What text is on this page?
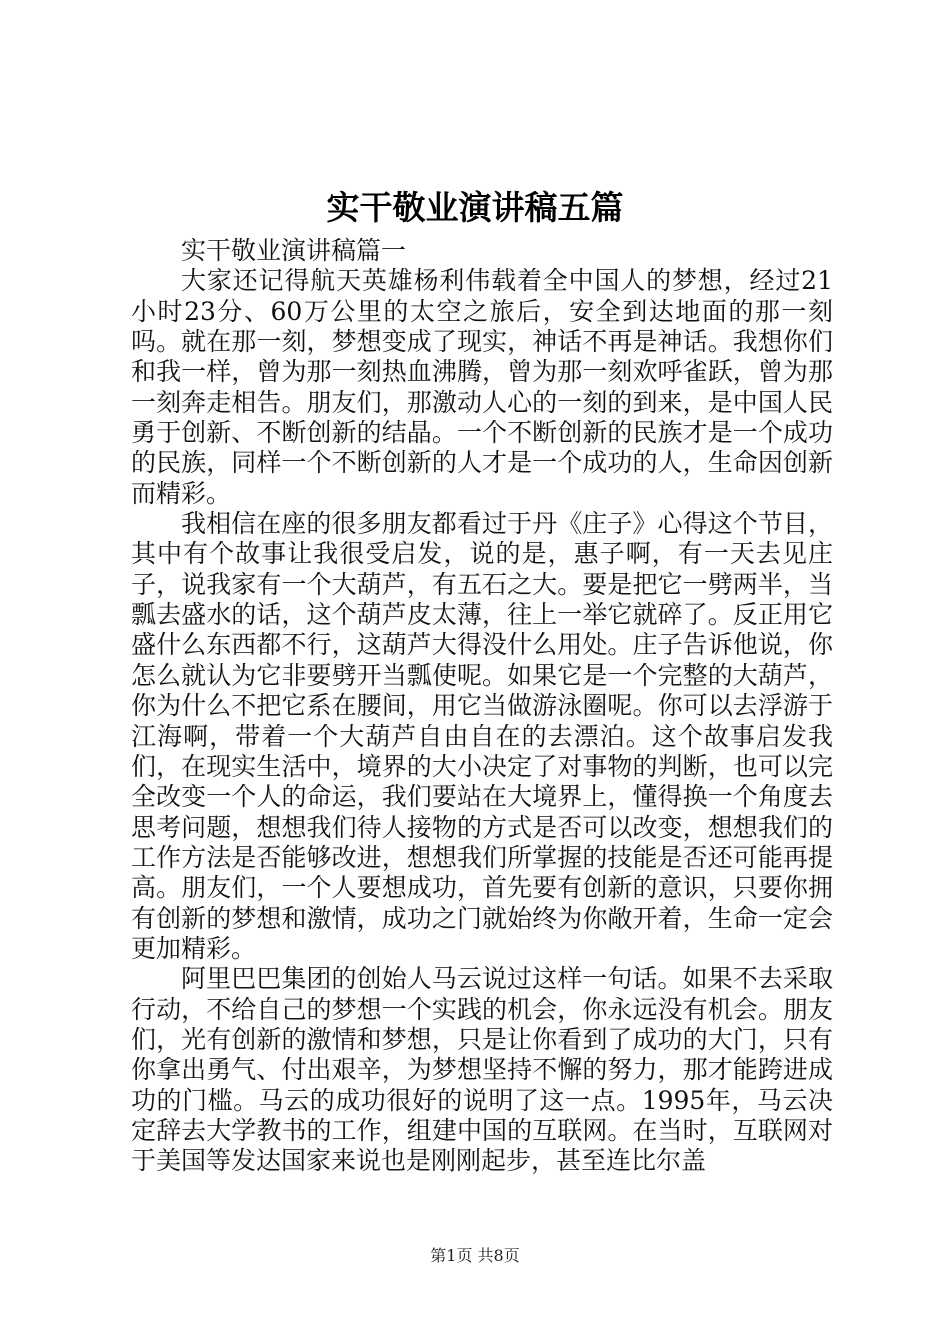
实干敬业演讲稿五篇

实干敬业演讲稿篇一

大家还记得航天英雄杨利伟载着全中国人的梦想，经过21小时23分、60万公里的太空之旅后，安全到达地面的那一刻吗。就在那一刻，梦想变成了现实，神话不再是神话。我想你们和我一样，曾为那一刻热血沸腾，曾为那一刻欢呼雀跃，曾为那一刻奔走相告。朋友们，那激动人心的一刻的到来，是中国人民勇于创新、不断创新的结晶。一个不断创新的民族才是一个成功的民族，同样一个不断创新的人才是一个成功的人，生命因创新而精彩。

我相信在座的很多朋友都看过于丹《庄子》心得这个节目，其中有个故事让我很受启发，说的是，惠子啊，有一天去见庄子，说我家有一个大葫芦，有五石之大。要是把它一劈两半，当瓢去盛水的话，这个葫芦皮太薄，往上一举它就碎了。反正用它盛什么东西都不行，这葫芦大得没什么用处。庄子告诉他说，你怎么就认为它非要劈开当瓢使呢。如果它是一个完整的大葫芦，你为什么不把它系在腰间，用它当做游泳圈呢。你可以去浮游于江海啊，带着一个大葫芦自由自在的去漂泊。这个故事启发我们，在现实生活中，境界的大小决定了对事物的判断，也可以完全改变一个人的命运，我们要站在大境界上，懂得换一个角度去思考问题，想想我们待人接物的方式是否可以改变，想想我们的工作方法是否能够改进，想想我们所掌握的技能是否还可能再提高。朋友们，一个人要想成功，首先要有创新的意识，只要你拥有创新的梦想和激情，成功之门就始终为你敞开着，生命一定会更加精彩。

阿里巴巴集团的创始人马云说过这样一句话。如果不去采取行动，不给自己的梦想一个实践的机会，你永远没有机会。朋友们，光有创新的激情和梦想，只是让你看到了成功的大门，只有你拿出勇气、付出艰辛，为梦想坚持不懈的努力，那才能跨进成功的门槛。马云的成功很好的说明了这一点。1995年，马云决定辞去大学教书的工作，组建中国的互联网。在当时，互联网对于美国等发达国家来说也是刚刚起步，甚至连比尔盖

第1页 共8页
